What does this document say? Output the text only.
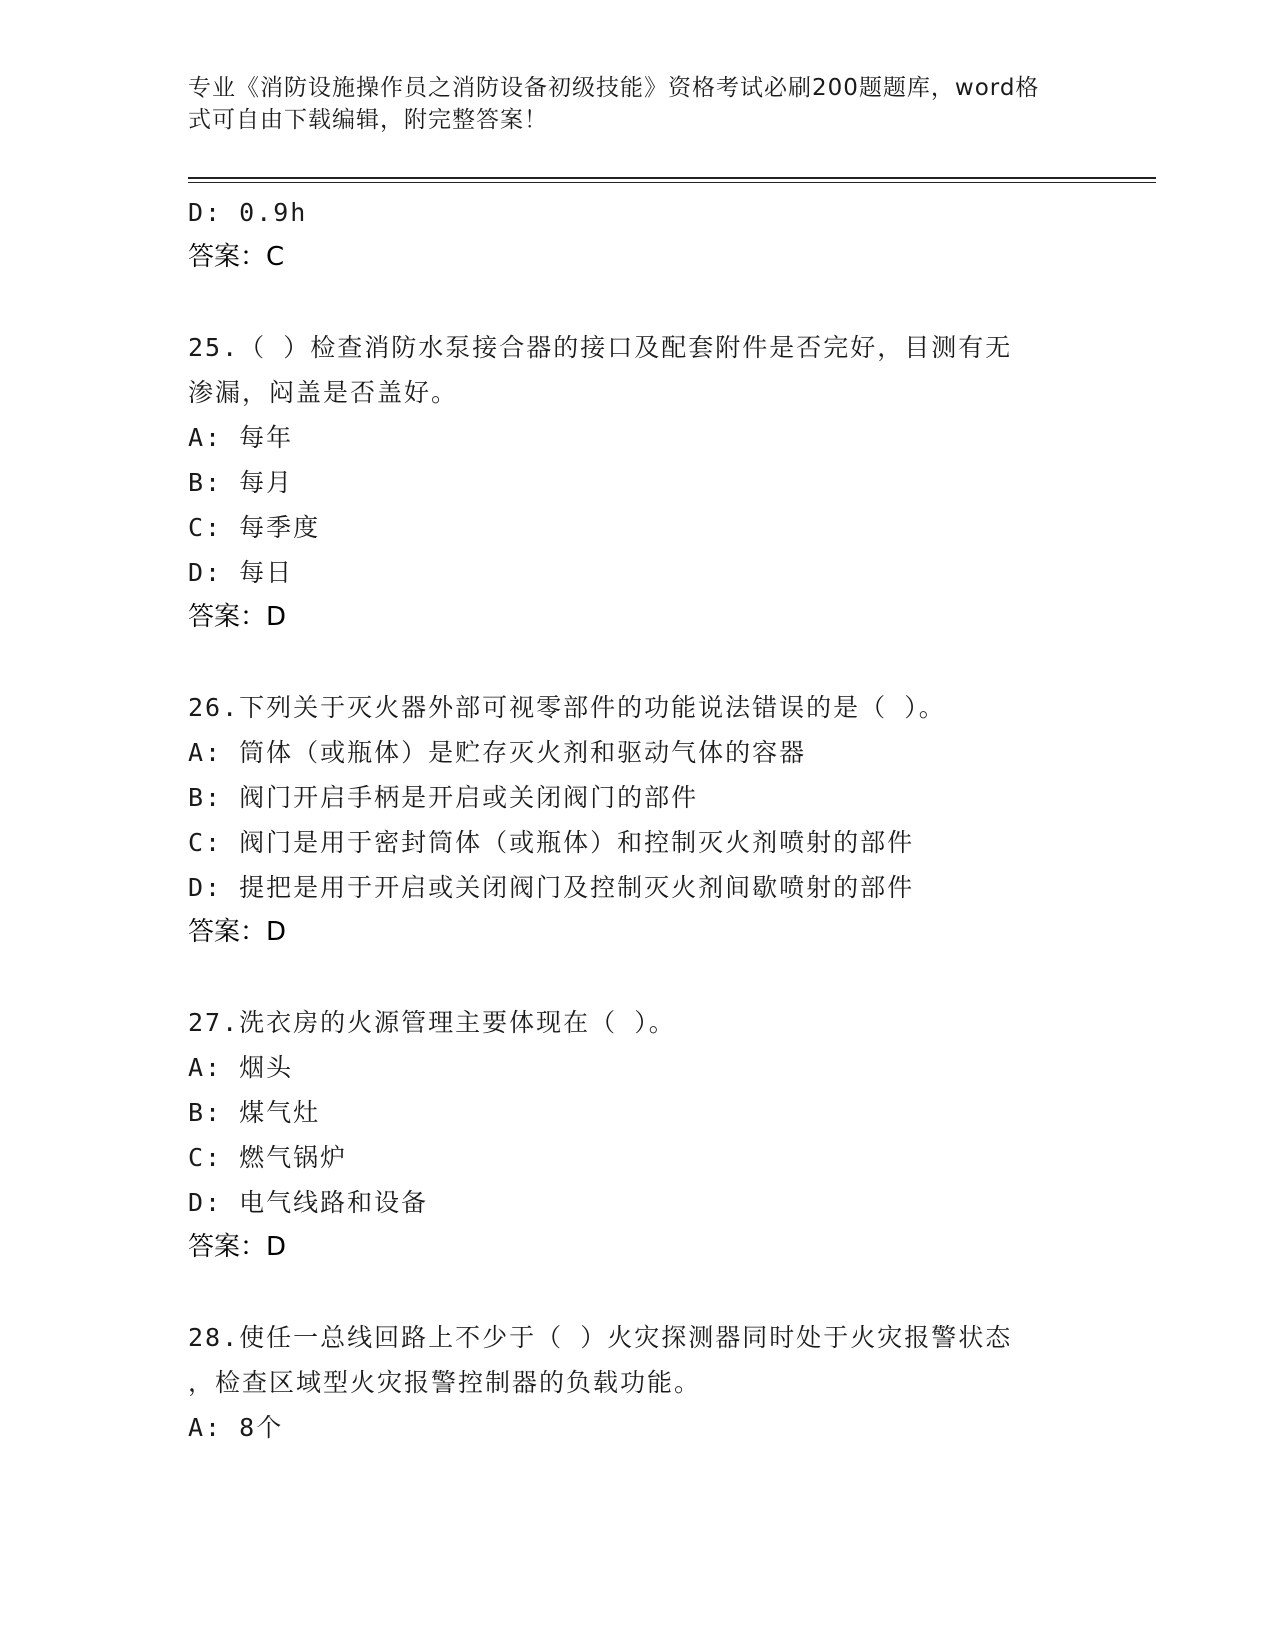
专业《消防设施操作员之消防设备初级技能》资格考试必刷200题题库，word格
式可自由下载编辑，附完整答案！
D: 0.9h
答案：C
25.（ ）检查消防水泵接合器的接口及配套附件是否完好，目测有无
渗漏，闷盖是否盖好。
A: 每年
B: 每月
C: 每季度
D: 每日
答案：D
26.下列关于灭火器外部可视零部件的功能说法错误的是（ ）。
A: 筒体（或瓶体）是贮存灭火剂和驱动气体的容器
B: 阀门开启手柄是开启或关闭阀门的部件
C: 阀门是用于密封筒体（或瓶体）和控制灭火剂喷射的部件
D: 提把是用于开启或关闭阀门及控制灭火剂间歇喷射的部件
答案：D
27.洗衣房的火源管理主要体现在（ ）。
A: 烟头
B: 煤气灶
C: 燃气锅炉
D: 电气线路和设备
答案：D
28.使任一总线回路上不少于（ ）火灾探测器同时处于火灾报警状态
，检查区域型火灾报警控制器的负载功能。
A: 8个
